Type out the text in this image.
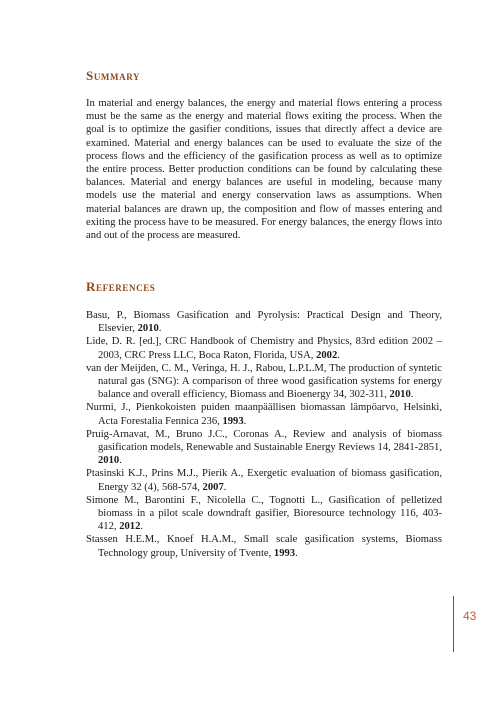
Summary

In material and energy balances, the energy and material flows entering a process must be the same as the energy and material flows exiting the process. When the goal is to optimize the gasifier conditions, issues that directly affect a device are examined. Material and energy balances can be used to evaluate the size of the process flows and the efficiency of the gasification process as well as to optimize the entire process. Better production conditions can be found by calculating these balances. Material and energy balances are useful in modeling, because many models use the material and energy conservation laws as assumptions. When material balances are drawn up, the composition and flow of masses entering and exiting the process have to be measured. For energy balances, the energy flows into and out of the process are measured.

References
Basu, P., Biomass Gasification and Pyrolysis: Practical Design and Theory, Elsevier, 2010.
Lide, D. R. [ed.], CRC Handbook of Chemistry and Physics, 83rd edition 2002 – 2003, CRC Press LLC, Boca Raton, Florida, USA, 2002.
van der Meijden, C. M., Veringa, H. J., Rabou, L.P.L.M, The production of syntetic natural gas (SNG): A comparison of three wood gasification systems for energy balance and overall efficiency, Biomass and Bioenergy 34, 302-311, 2010.
Nurmi, J., Pienkokoisten puiden maanpäällisen biomassan lämpöarvo, Helsinki, Acta Forestalia Fennica 236, 1993.
Pruig-Arnavat, M., Bruno J.C., Coronas A., Review and analysis of biomass gasification models, Renewable and Sustainable Energy Reviews 14, 2841-2851, 2010.
Ptasinski K.J., Prins M.J., Pierik A., Exergetic evaluation of biomass gasification, Energy 32 (4), 568-574, 2007.
Simone M., Barontini F., Nicolella C., Tognotti L., Gasification of pelletized biomass in a pilot scale downdraft gasifier, Bioresource technology 116, 403-412, 2012.
Stassen H.E.M., Knoef H.A.M., Small scale gasification systems, Biomass Technology group, University of Tvente, 1993.
43
